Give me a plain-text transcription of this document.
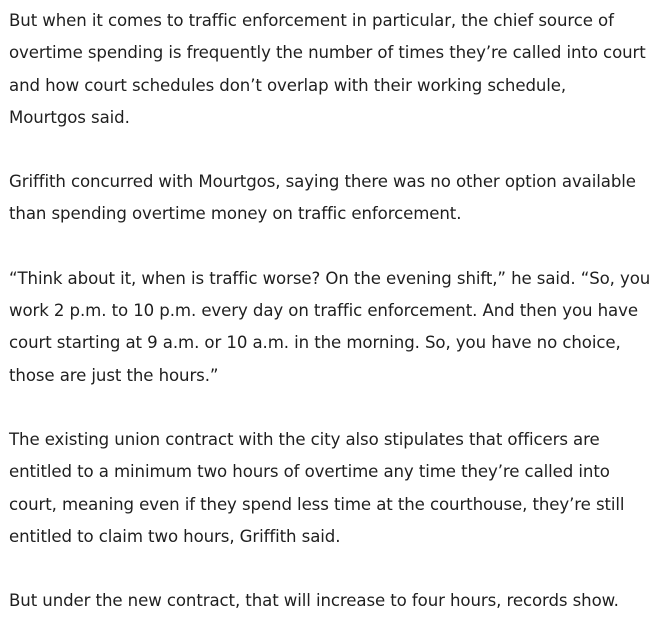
But when it comes to traffic enforcement in particular, the chief source of
overtime spending is frequently the number of times they’re called into court
and how court schedules don’t overlap with their working schedule,
Mourtgos said.

Griffith concurred with Mourtgos, saying there was no other option available
than spending overtime money on traffic enforcement.

“Think about it, when is traffic worse? On the evening shift,” he said. “So, you
work 2 p.m. to 10 p.m. every day on traffic enforcement. And then you have
court starting at 9 a.m. or 10 a.m. in the morning. So, you have no choice,
those are just the hours.”

The existing union contract with the city also stipulates that officers are
entitled to a minimum two hours of overtime any time they’re called into
court, meaning even if they spend less time at the courthouse, they’re still
entitled to claim two hours, Griffith said.

But under the new contract, that will increase to four hours, records show.
